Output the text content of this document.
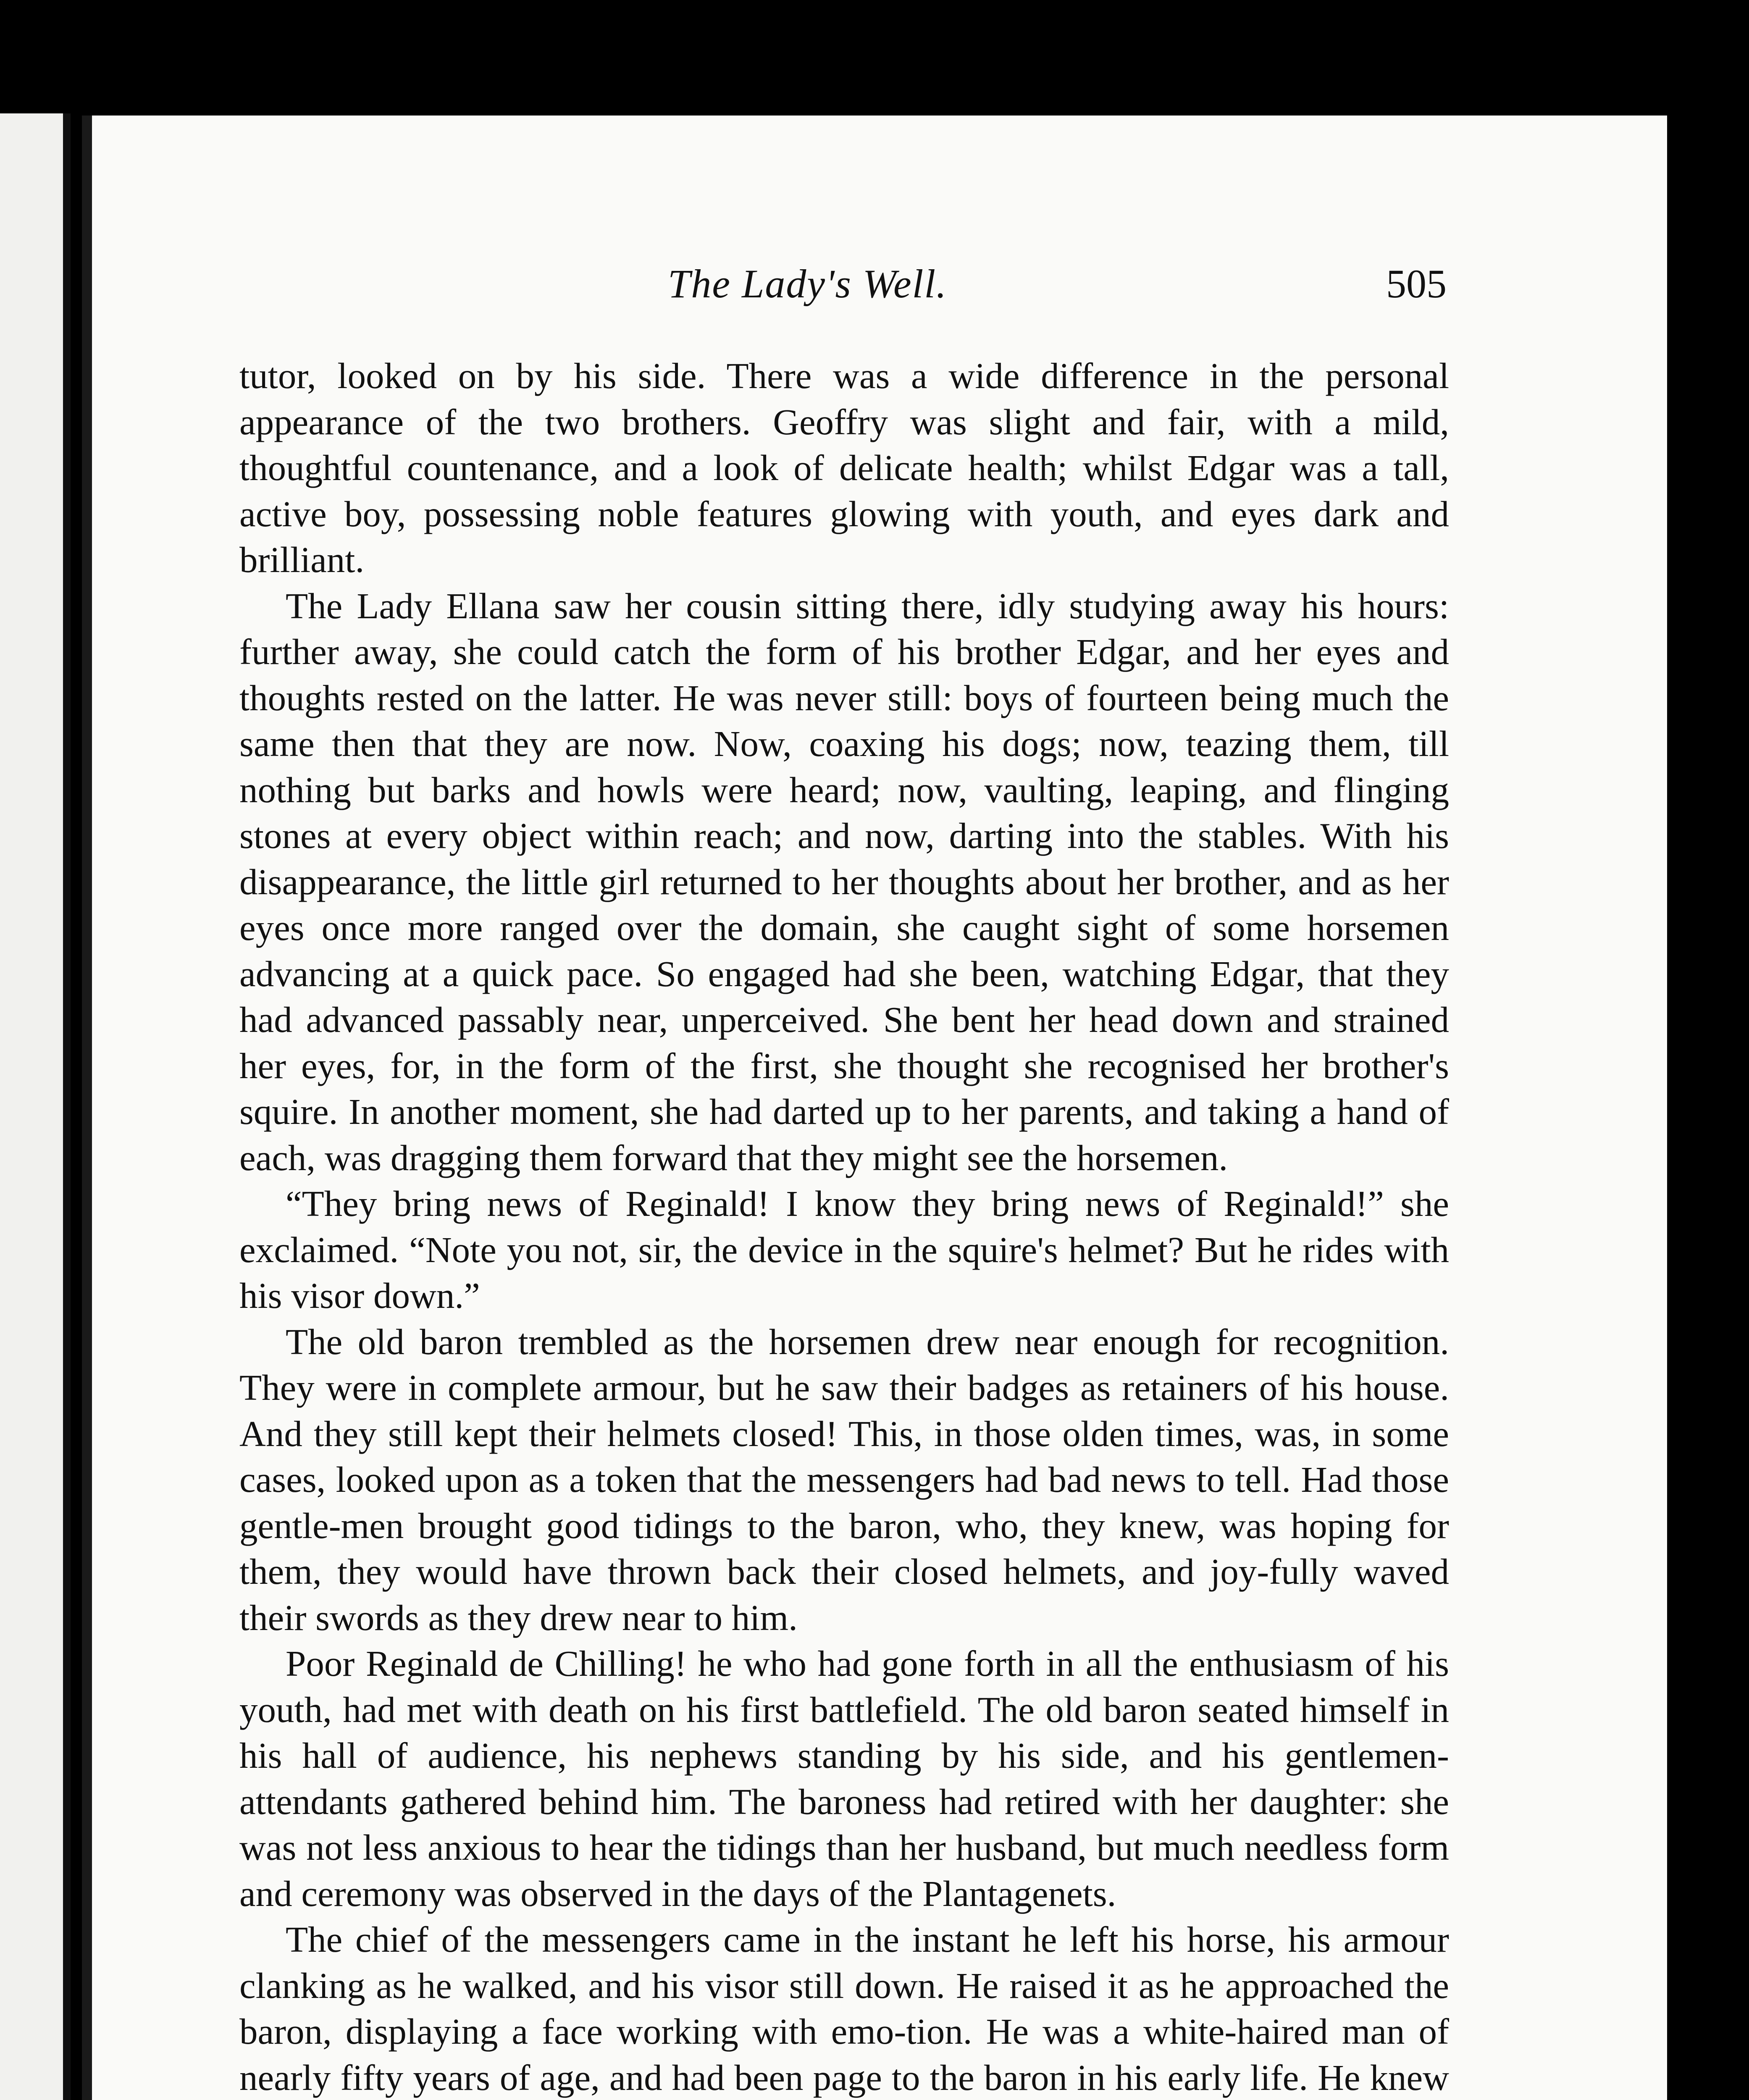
The Lady's Well.	505

tutor, looked on by his side. There was a wide difference in the personal appearance of the two brothers. Geoffry was slight and fair, with a mild, thoughtful countenance, and a look of delicate health; whilst Edgar was a tall, active boy, possessing noble features glowing with youth, and eyes dark and brilliant.

The Lady Ellana saw her cousin sitting there, idly studying away his hours: further away, she could catch the form of his brother Edgar, and her eyes and thoughts rested on the latter. He was never still: boys of fourteen being much the same then that they are now. Now, coaxing his dogs; now, teazing them, till nothing but barks and howls were heard; now, vaulting, leaping, and flinging stones at every object within reach; and now, darting into the stables. With his disappearance, the little girl returned to her thoughts about her brother, and as her eyes once more ranged over the domain, she caught sight of some horsemen advancing at a quick pace. So engaged had she been, watching Edgar, that they had advanced passably near, unperceived. She bent her head down and strained her eyes, for, in the form of the first, she thought she recognised her brother's squire. In another moment, she had darted up to her parents, and taking a hand of each, was dragging them forward that they might see the horsemen.

“They bring news of Reginald! I know they bring news of Reginald!” she exclaimed. “Note you not, sir, the device in the squire's helmet? But he rides with his visor down.”

The old baron trembled as the horsemen drew near enough for recognition. They were in complete armour, but he saw their badges as retainers of his house. And they still kept their helmets closed! This, in those olden times, was, in some cases, looked upon as a token that the messengers had bad news to tell. Had those gentle-men brought good tidings to the baron, who, they knew, was hoping for them, they would have thrown back their closed helmets, and joy-fully waved their swords as they drew near to him.

Poor Reginald de Chilling! he who had gone forth in all the enthusiasm of his youth, had met with death on his first battlefield. The old baron seated himself in his hall of audience, his nephews standing by his side, and his gentlemen-attendants gathered behind him. The baroness had retired with her daughter: she was not less anxious to hear the tidings than her husband, but much needless form and ceremony was observed in the days of the Plantagenets.

The chief of the messengers came in the instant he left his horse, his armour clanking as he walked, and his visor still down. He raised it as he approached the baron, displaying a face working with emo-tion. He was a white-haired man of nearly fifty years of age, and had been page to the baron in his early life. He knew
